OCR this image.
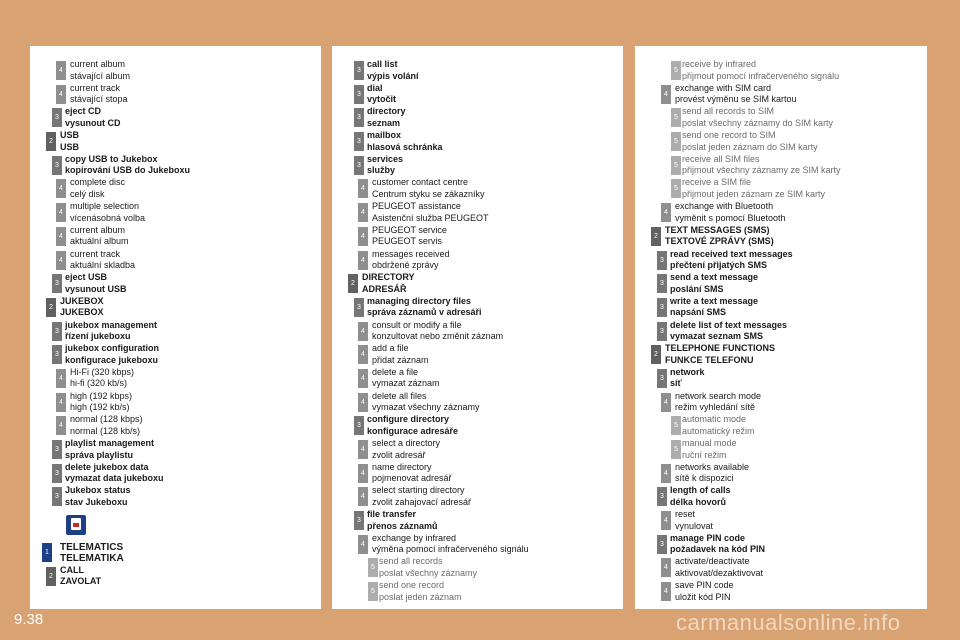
4
current album
stávající album
4
current track
stávající stopa
3
eject CD
vysunout CD
2
USB
USB
3
copy USB to Jukebox
kopírování USB do Jukeboxu
4
complete disc
celý disk
4
multiple selection
vícenásobná volba
4
current album
aktuální album
4
current track
aktuální skladba
3
eject USB
vysunout USB
2
JUKEBOX
JUKEBOX
3
jukebox management
řízení jukeboxu
3
jukebox configuration
konfigurace jukeboxu
4
Hi-Fi (320 kbps)
hi-fi (320 kb/s)
4
high (192 kbps)
high (192 kb/s)
4
normal (128 kbps)
normal (128 kb/s)
3
playlist management
správa playlistu
3
delete jukebox data
vymazat data jukeboxu
3
Jukebox status
stav Jukeboxu
1	TELEMATICS
TELEMATIKA
2
CALL
ZAVOLAT
3
call list
výpis volání
3
dial
vytočit
3
directory
seznam
3
mailbox
hlasová schránka
3
services
služby
4
customer contact centre
Centrum styku se zákazníky
4
PEUGEOT assistance
Asistenční služba PEUGEOT
4
PEUGEOT service
PEUGEOT servis
4
messages received
obdržené zprávy
2
DIRECTORY
ADRESÁŘ
3
managing directory files
správa záznamů v adresáři
4
consult or modify a file
konzultovat nebo změnit záznam
4
add a file
přidat záznam
4
delete a file
vymazat záznam
4
delete all files
vymazat všechny záznamy
3
configure directory
konfigurace adresáře
4
select a directory
zvolit adresář
4
name directory
pojmenovat adresář
4
select starting directory
zvolit zahajovací adresář
3
file transfer
přenos záznamů
4
exchange by infrared
výměna pomocí infračerveného signálu
5
send all records
poslat všechny záznamy
5
send one record
poslat jeden záznam
5
receive by infrared
přijmout pomocí infračerveného signálu
4
exchange with SIM card
provést výměnu se SIM kartou
5
send all records to SIM
poslat všechny záznamy do SIM karty
5
send one record to SIM
poslat jeden záznam do SIM karty
5
receive all SIM files
přijmout všechny záznamy ze SIM karty
5
receive a SIM file
přijmout jeden záznam ze SIM karty
4
exchange with Bluetooth
vyměnit s pomocí Bluetooth
2
TEXT MESSAGES (SMS)
TEXTOVÉ ZPRÁVY (SMS)
3
read received text messages
přečtení přijatých SMS
3
send a text message
poslání SMS
3
write a text message
napsání SMS
3
delete list of text messages
vymazat seznam SMS
2
TELEPHONE FUNCTIONS
FUNKCE TELEFONU
3
network
síť
4
network search mode
režim vyhledání sítě
5
automatic mode
automatický režim
5
manual mode
ruční režim
4
networks available
sítě k dispozici
3
length of calls
délka hovorů
4
reset
vynulovat
3
manage PIN code
požadavek na kód PIN
4
activate/deactivate
aktivovat/dezaktivovat
4
save PIN code
uložit kód PIN
9.38	carmanualsonline.info
